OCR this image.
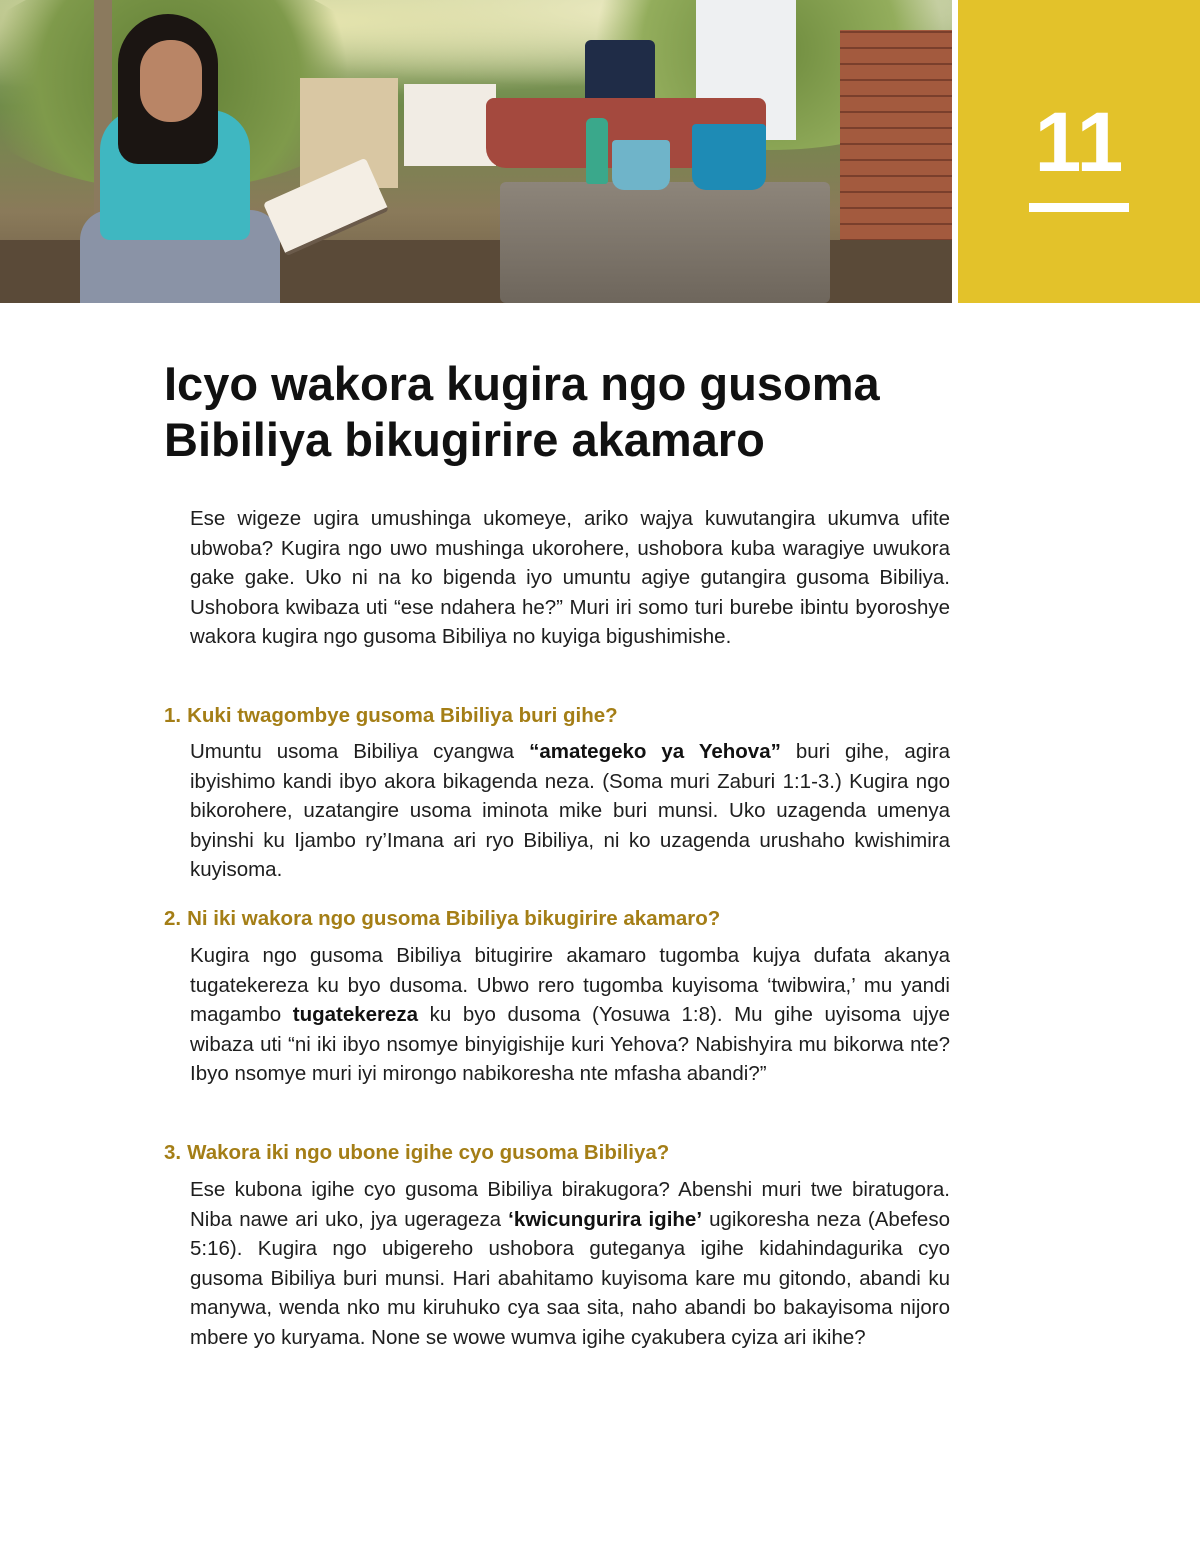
11
Icyo wakora kugira ngo gusoma
Bibiliya bikugirire akamaro

Ese wigeze ugira umushinga ukomeye, ariko wajya kuwutangira ukumva ufite ubwoba? Kugira ngo uwo mushinga ukorohere, ushobora kuba waragiye uwukora gake gake. Uko ni na ko bigenda iyo umuntu agiye gutangira gusoma Bibiliya. Ushobora kwibaza uti “ese ndahera he?” Muri iri somo turi burebe ibintu byoroshye wakora kugira ngo gusoma Bibiliya no kuyiga bigushimishe.

1. Kuki twagombye gusoma Bibiliya buri gihe?

Umuntu usoma Bibiliya cyangwa “amategeko ya Yehova” buri gihe, agira ibyishimo kandi ibyo akora bikagenda neza. (Soma muri Zaburi 1:1-3.) Kugira ngo bikorohere, uzatangire usoma iminota mike buri munsi. Uko uzagenda umenya byinshi ku Ijambo ry’Imana ari ryo Bibiliya, ni ko uzagenda urushaho kwishimira kuyisoma.

2. Ni iki wakora ngo gusoma Bibiliya bikugirire akamaro?

Kugira ngo gusoma Bibiliya bitugirire akamaro tugomba kujya dufata akanya tugatekereza ku byo dusoma. Ubwo rero tugomba kuyisoma ‘twibwira,’ mu yandi magambo tugatekereza ku byo dusoma (Yosuwa 1:8). Mu gihe uyisoma ujye wibaza uti “ni iki ibyo nsomye binyigishije kuri Yehova? Nabishyira mu bikorwa nte? Ibyo nsomye muri iyi mirongo nabikoresha nte mfasha abandi?”

3. Wakora iki ngo ubone igihe cyo gusoma Bibiliya?

Ese kubona igihe cyo gusoma Bibiliya birakugora? Abenshi muri twe biratugora. Niba nawe ari uko, jya ugerageza ‘kwicungurira igihe’ ugikoresha neza (Abefeso 5:16). Kugira ngo ubigereho ushobora guteganya igihe kidahindagurika cyo gusoma Bibiliya buri munsi. Hari abahitamo kuyisoma kare mu gitondo, abandi ku manywa, wenda nko mu kiruhuko cya saa sita, naho abandi bo bakayisoma nijoro mbere yo kuryama. None se wowe wumva igihe cyakubera cyiza ari ikihe?
